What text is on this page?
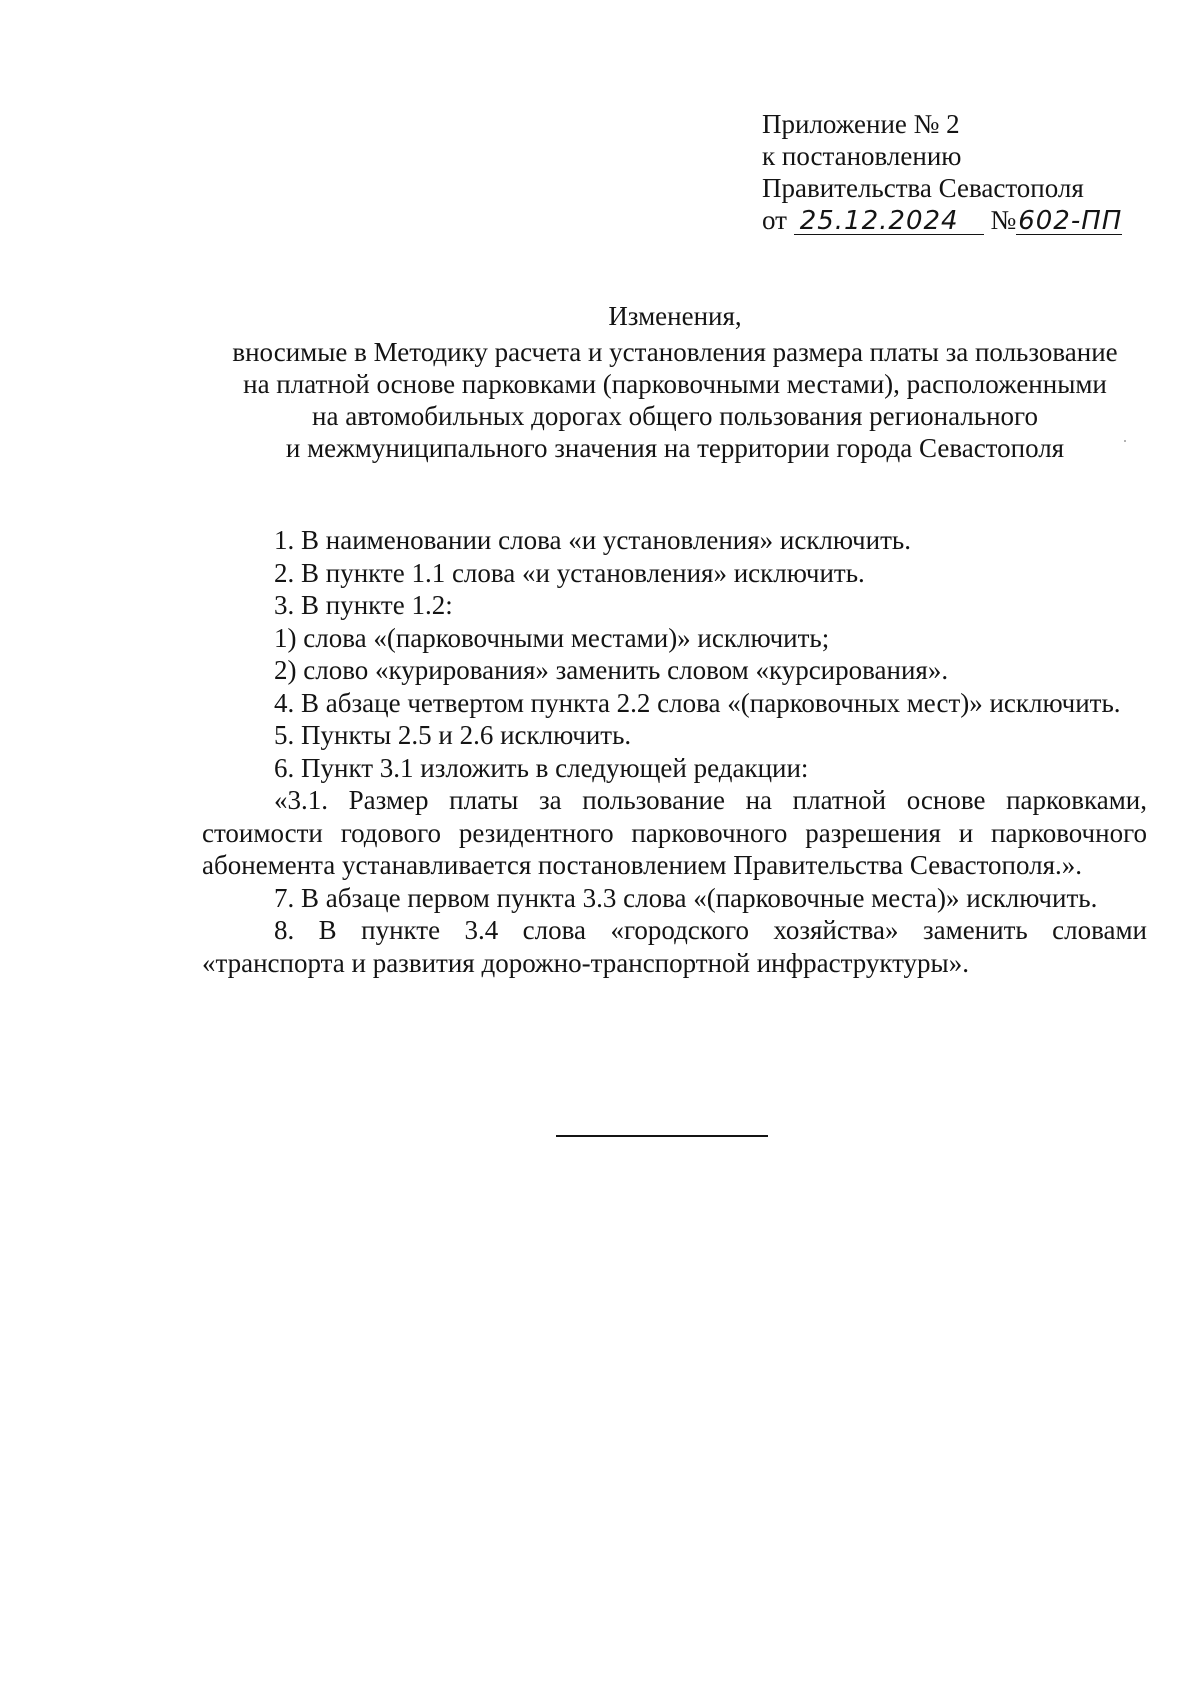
Приложение № 2
к постановлению
Правительства Севастополя
от 25.12.2024 №602-ПП
Изменения,
вносимые в Методику расчета и установления размера платы за пользование
на платной основе парковками (парковочными местами), расположенными
на автомобильных дорогах общего пользования регионального
и межмуниципального значения на территории города Севастополя

1. В наименовании слова «и установления» исключить.

2. В пункте 1.1 слова «и установления» исключить.

3. В пункте 1.2:

1) слова «(парковочными местами)» исключить;

2) слово «курирования» заменить словом «курсирования».

4. В абзаце четвертом пункта 2.2 слова «(парковочных мест)» исключить.

5. Пункты 2.5 и 2.6 исключить.

6. Пункт 3.1 изложить в следующей редакции:

«3.1. Размер платы за пользование на платной основе парковками, стоимости годового резидентного парковочного разрешения и парковочного абонемента устанавливается постановлением Правительства Севастополя.».

7. В абзаце первом пункта 3.3 слова «(парковочные места)» исключить.

8. В пункте 3.4 слова «городского хозяйства» заменить словами «транспорта и развития дорожно-транспортной инфраструктуры».
